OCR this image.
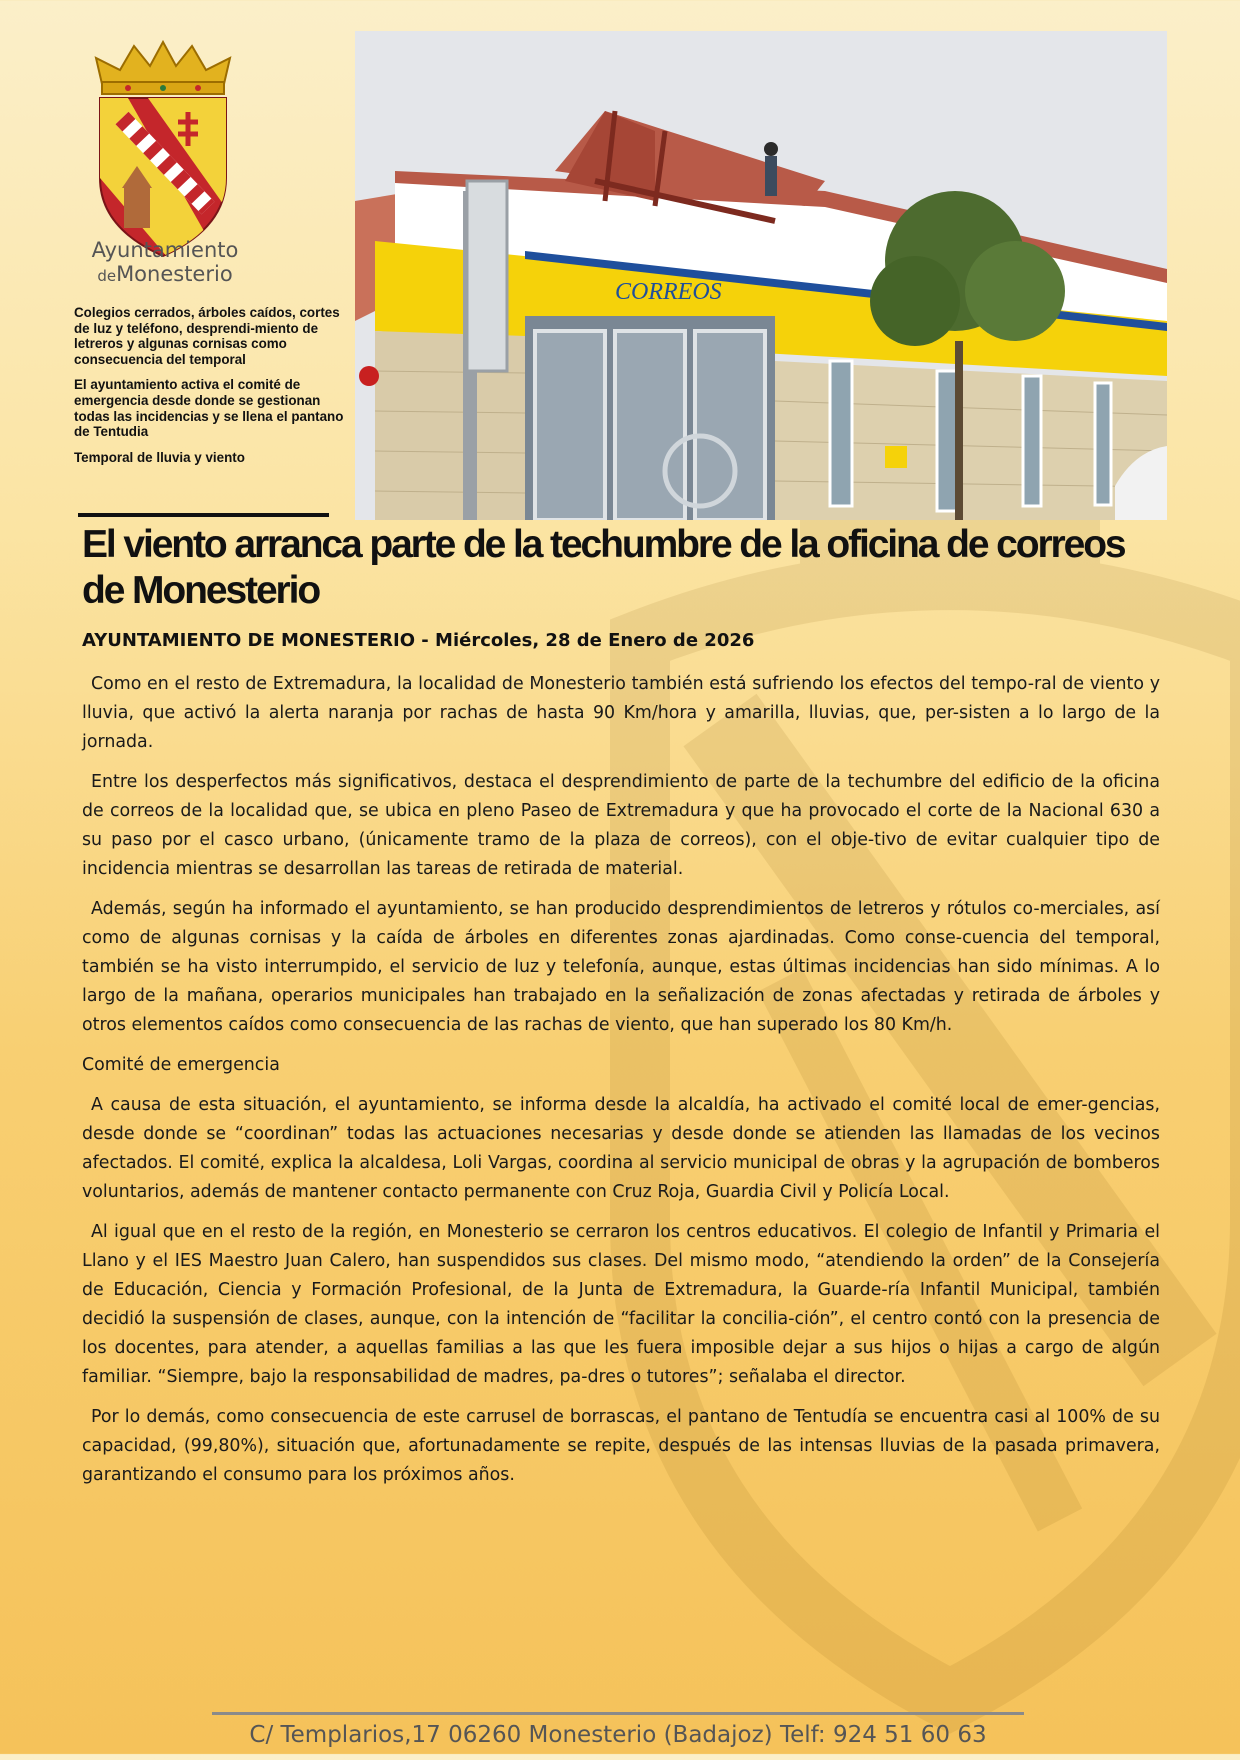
Ayuntamiento
deMonesterio

Colegios cerrados, árboles caídos, cortes de luz y teléfono, desprendi-miento de letreros y algunas cornisas como consecuencia del temporal

El ayuntamiento activa el comité de emergencia desde donde se gestionan todas las incidencias y se llena el pantano de Tentudia

Temporal de lluvia y viento

CORREOS
El viento arranca parte de la techumbre de la oficina de correos de Monesterio

AYUNTAMIENTO DE MONESTERIO - Miércoles, 28 de Enero de 2026

Como en el resto de Extremadura, la localidad de Monesterio también está sufriendo los efectos del tempo-ral de viento y lluvia, que activó la alerta naranja por rachas de hasta 90 Km/hora y amarilla, lluvias, que, per-sisten a lo largo de la jornada.

Entre los desperfectos más significativos, destaca el desprendimiento de parte de la techumbre del edificio de la oficina de correos de la localidad que, se ubica en pleno Paseo de Extremadura y que ha provocado el corte de la Nacional 630 a su paso por el casco urbano, (únicamente tramo de la plaza de correos), con el obje-tivo de evitar cualquier tipo de incidencia mientras se desarrollan las tareas de retirada de material.

Además, según ha informado el ayuntamiento, se han producido desprendimientos de letreros y rótulos co-merciales, así como de algunas cornisas y la caída de árboles en diferentes zonas ajardinadas. Como conse-cuencia del temporal, también se ha visto interrumpido, el servicio de luz y telefonía, aunque, estas últimas incidencias han sido mínimas. A lo largo de la mañana, operarios municipales han trabajado en la señalización de zonas afectadas y retirada de árboles y otros elementos caídos como consecuencia de las rachas de viento, que han superado los 80 Km/h.

Comité de emergencia

A causa de esta situación, el ayuntamiento, se informa desde la alcaldía, ha activado el comité local de emer-gencias, desde donde se “coordinan” todas las actuaciones necesarias y desde donde se atienden las llamadas de los vecinos afectados. El comité, explica la alcaldesa, Loli Vargas, coordina al servicio municipal de obras y la agrupación de bomberos voluntarios, además de mantener contacto permanente con Cruz Roja, Guardia Civil y Policía Local.

Al igual que en el resto de la región, en Monesterio se cerraron los centros educativos. El colegio de Infantil y Primaria el Llano y el IES Maestro Juan Calero, han suspendidos sus clases. Del mismo modo, “atendiendo la orden” de la Consejería de Educación, Ciencia y Formación Profesional, de la Junta de Extremadura, la Guarde-ría Infantil Municipal, también decidió la suspensión de clases, aunque, con la intención de “facilitar la concilia-ción”, el centro contó con la presencia de los docentes, para atender, a aquellas familias a las que les fuera imposible dejar a sus hijos o hijas a cargo de algún familiar. “Siempre, bajo la responsabilidad de madres, pa-dres o tutores”; señalaba el director.

Por lo demás, como consecuencia de este carrusel de borrascas, el pantano de Tentudía se encuentra casi al 100% de su capacidad, (99,80%), situación que, afortunadamente se repite, después de las intensas lluvias de la pasada primavera, garantizando el consumo para los próximos años.

C/ Templarios,17 06260 Monesterio (Badajoz) Telf: 924 51 60 63
